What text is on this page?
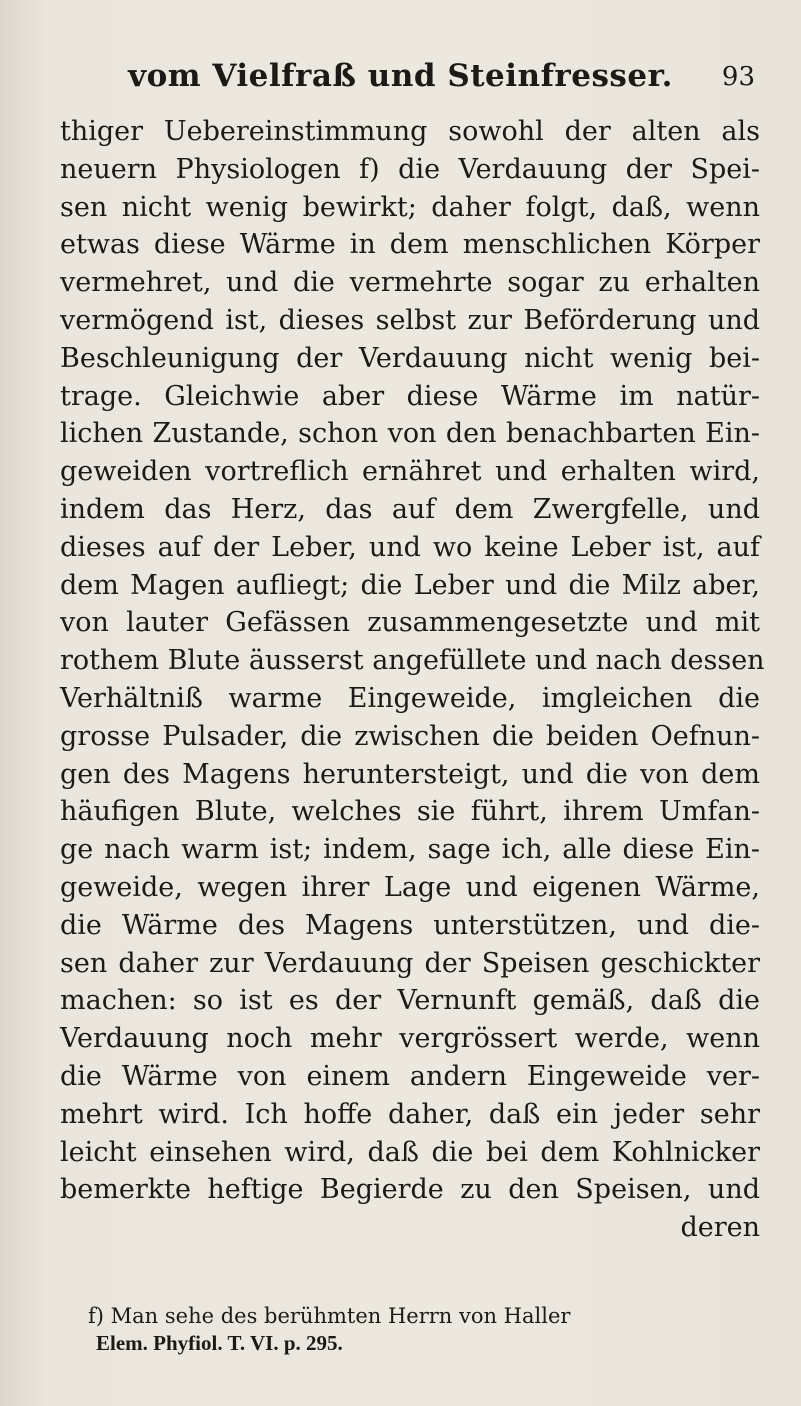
vom Vielfraß und Steinfresser.	93
thiger Uebereinstimmung sowohl der alten als
neuern Physiologen f) die Verdauung der Spei-
sen nicht wenig bewirkt; daher folgt, daß, wenn
etwas diese Wärme in dem menschlichen Körper
vermehret, und die vermehrte sogar zu erhalten
vermögend ist, dieses selbst zur Beförderung und
Beschleunigung der Verdauung nicht wenig bei-
trage. Gleichwie aber diese Wärme im natür-
lichen Zustande, schon von den benachbarten Ein-
geweiden vortreflich ernähret und erhalten wird,
indem das Herz, das auf dem Zwergfelle, und
dieses auf der Leber, und wo keine Leber ist, auf
dem Magen aufliegt; die Leber und die Milz aber,
von lauter Gefässen zusammengesetzte und mit
rothem Blute äusserst angefüllete und nach dessen
Verhältniß warme Eingeweide, imgleichen die
grosse Pulsader, die zwischen die beiden Oefnun-
gen des Magens heruntersteigt, und die von dem
häufigen Blute, welches sie führt, ihrem Umfan-
ge nach warm ist; indem, sage ich, alle diese Ein-
geweide, wegen ihrer Lage und eigenen Wärme,
die Wärme des Magens unterstützen, und die-
sen daher zur Verdauung der Speisen geschickter
machen: so ist es der Vernunft gemäß, daß die
Verdauung noch mehr vergrössert werde, wenn
die Wärme von einem andern Eingeweide ver-
mehrt wird. Ich hoffe daher, daß ein jeder sehr
leicht einsehen wird, daß die bei dem Kohlnicker
bemerkte heftige Begierde zu den Speisen, und
deren
f) Man sehe des berühmten Herrn von Haller
Elem. Phyfiol. T. VI. p. 295.
